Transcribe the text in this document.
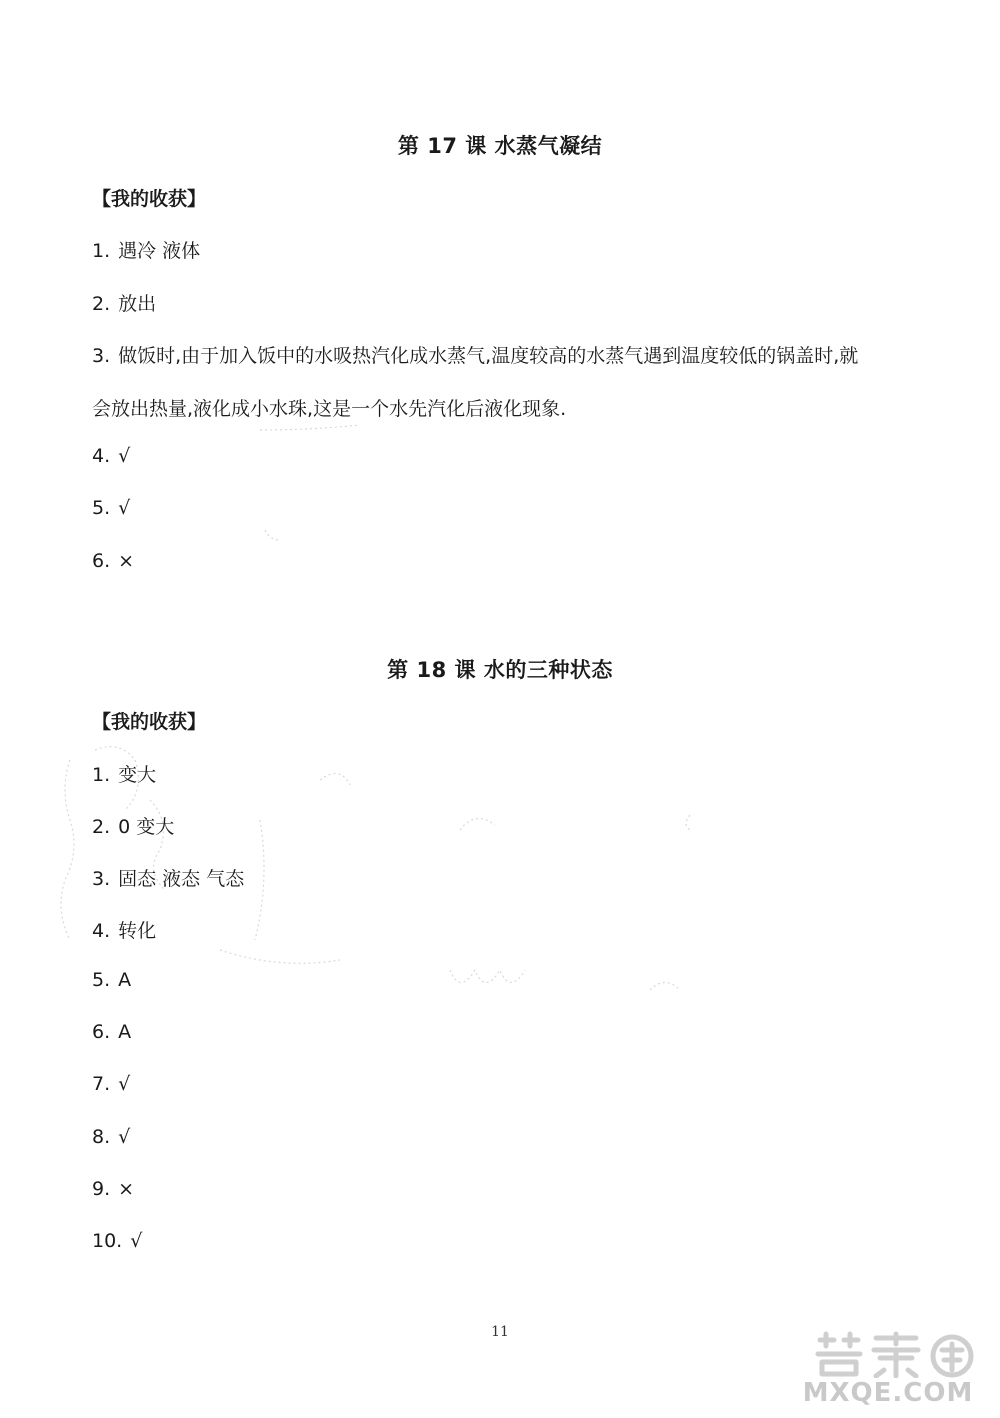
第 17 课 水蒸气凝结
【我的收获】
1. 遇冷 液体
2. 放出
3. 做饭时,由于加入饭中的水吸热汽化成水蒸气,温度较高的水蒸气遇到温度较低的锅盖时,就
会放出热量,液化成小水珠,这是一个水先汽化后液化现象.
4. √
5. √
6. ×
第 18 课 水的三种状态
【我的收获】
1. 变大
2. 0 变大
3. 固态 液态 气态
4. 转化
5. A
6. A
7. √
8. √
9. ×
10. √
11
MXQE.COM
